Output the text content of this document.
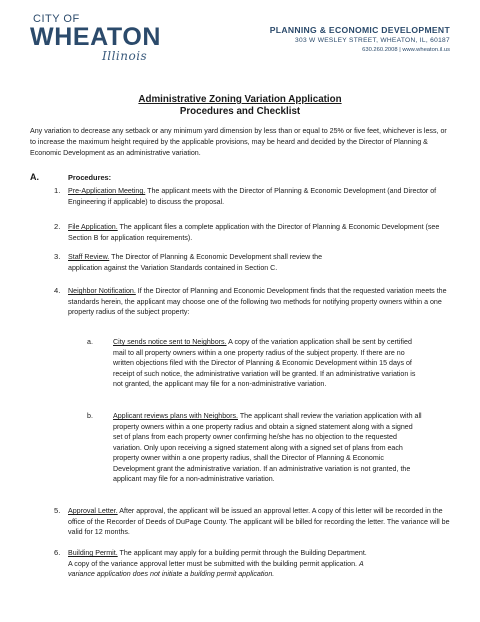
CITY OF
WHEATON
Illinois
PLANNING & ECONOMIC DEVELOPMENT
303 W WESLEY STREET, WHEATON, IL, 60187
630.260.2008 | www.wheaton.il.us
Administrative Zoning Variation Application
Procedures and Checklist
Any variation to decrease any setback or any minimum yard dimension by less than or equal to 25% or five feet, whichever is less, or to increase the maximum height required by the applicable provisions, may be heard and decided by the Director of Planning & Economic Development as an administrative variation.
A.	Procedures:
1. Pre-Application Meeting. The applicant meets with the Director of Planning & Economic Development (and Director of Engineering if applicable) to discuss the proposal.
2. File Application. The applicant files a complete application with the Director of Planning & Economic Development (see Section B for application requirements).
3. Staff Review. The Director of Planning & Economic Development shall review the application against the Variation Standards contained in Section C.
4. Neighbor Notification. If the Director of Planning and Economic Development finds that the requested variation meets the standards herein, the applicant may choose one of the following two methods for notifying property owners within a one property radius of the subject property:
a.	City sends notice sent to Neighbors. A copy of the variation application shall be sent by certified mail to all property owners within a one property radius of the subject property. If there are no written objections filed with the Director of Planning & Economic Development within 15 days of receipt of such notice, the administrative variation will be granted. If an administrative variation is not granted, the applicant may file for a non-administrative variation.
b.	Applicant reviews plans with Neighbors. The applicant shall review the variation application with all property owners within a one property radius and obtain a signed statement along with a signed set of plans from each property owner confirming he/she has no objection to the requested variation. Only upon receiving a signed statement along with a signed set of plans from each property owner within a one property radius, shall the Director of Planning & Economic Development grant the administrative variation. If an administrative variation is not granted, the applicant may file for a non-administrative variation.
5. Approval Letter. After approval, the applicant will be issued an approval letter. A copy of this letter will be recorded in the office of the Recorder of Deeds of DuPage County. The applicant will be billed for recording the letter. The variance will be valid for 12 months.
6. Building Permit. The applicant may apply for a building permit through the Building Department. A copy of the variance approval letter must be submitted with the building permit application. A variance application does not initiate a building permit application.
